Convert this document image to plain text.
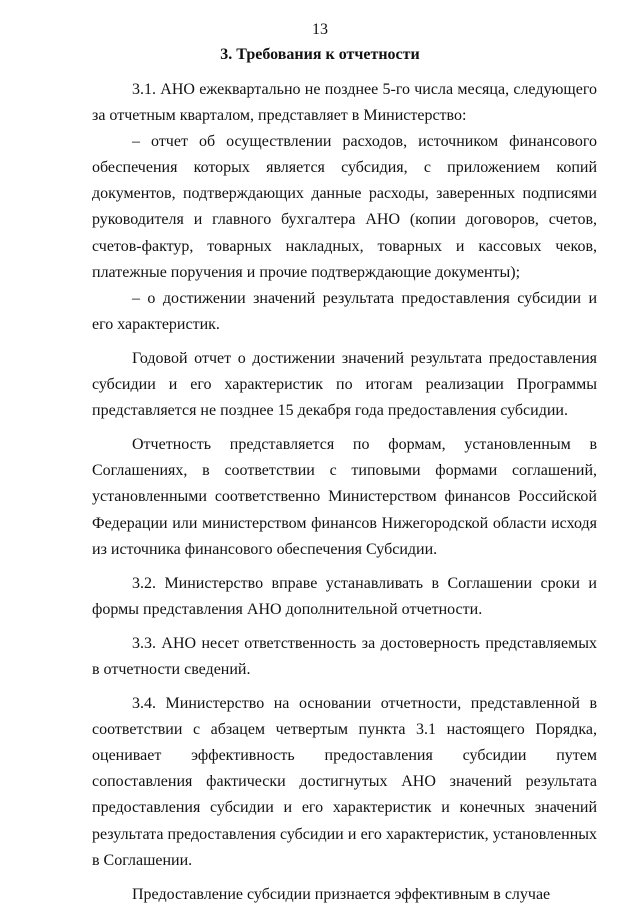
13
3. Требования к отчетности

3.1. АНО ежеквартально не позднее 5-го числа месяца, следующего за отчетным кварталом, представляет в Министерство:

– отчет об осуществлении расходов, источником финансового обеспечения которых является субсидия, с приложением копий документов, подтверждающих данные расходы, заверенных подписями руководителя и главного бухгалтера АНО (копии договоров, счетов, счетов-фактур, товарных накладных, товарных и кассовых чеков, платежные поручения и прочие подтверждающие документы);

– о достижении значений результата предоставления субсидии и его характеристик.

Годовой отчет о достижении значений результата предоставления субсидии и его характеристик по итогам реализации Программы представляется не позднее 15 декабря года предоставления субсидии.

Отчетность представляется по формам, установленным в Соглашениях, в соответствии с типовыми формами соглашений, установленными соответственно Министерством финансов Российской Федерации или министерством финансов Нижегородской области исходя из источника финансового обеспечения Субсидии.

3.2. Министерство вправе устанавливать в Соглашении сроки и формы представления АНО дополнительной отчетности.

3.3. АНО несет ответственность за достоверность представляемых в отчетности сведений.

3.4. Министерство на основании отчетности, представленной в соответствии с абзацем четвертым пункта 3.1 настоящего Порядка, оценивает эффективность предоставления субсидии путем сопоставления фактически достигнутых АНО значений результата предоставления субсидии и его характеристик и конечных значений результата предоставления субсидии и его характеристик, установленных в Соглашении.

Предоставление субсидии признается эффективным в случае
